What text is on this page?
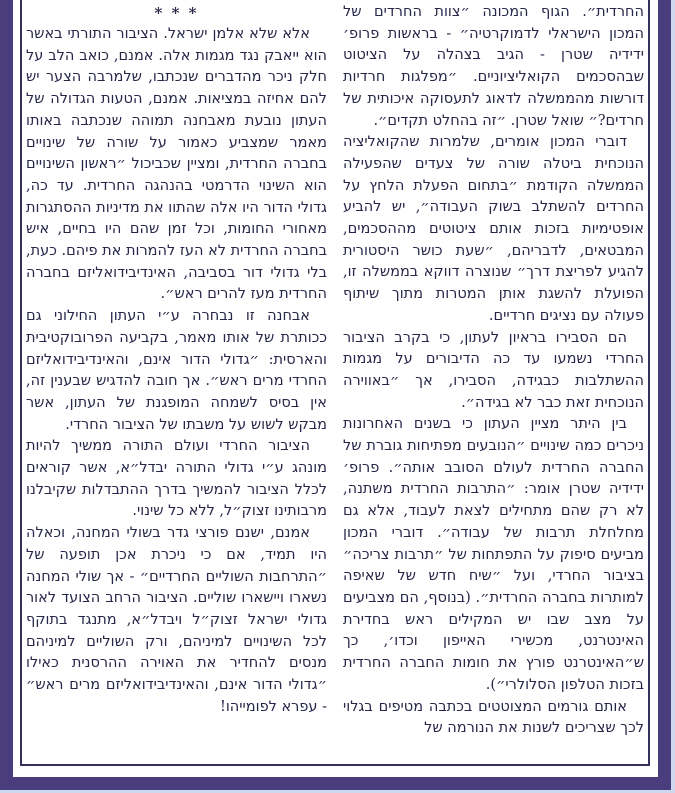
החרדית״. הגוף המכונה ״צוות החרדים של המכון הישראלי לדמוקרטיה״ - בראשות פרופ׳ ידידיה שטרן - הגיב בצהלה על הציטוט שבהסכמים הקואליציוניים. ״מפלגות חרדיות דורשות מהממשלה לדאוג לתעסוקה איכותית של חרדים?״ שואל שטרן. ״זה בהחלט תקדים״.

דוברי המכון אומרים, שלמרות שהקואליציה הנוכחית ביטלה שורה של צעדים שהפעילה הממשלה הקודמת ״בתחום הפעלת הלחץ על החרדים להשתלב בשוק העבודה״, יש להביע אופטימיות בזכות אותם ציטוטים מההסכמים, המבטאים, לדבריהם, ״שעת כושר היסטורית להגיע לפריצת דרך״ שנוצרה דווקא בממשלה זו, הפועלת להשגת אותן המטרות מתוך שיתוף פעולה עם נציגים חרדיים.

הם הסבירו בראיון לעתון, כי בקרב הציבור החרדי נשמעו עד כה הדיבורים על מגמות ההשתלבות כבגידה, הסבירו, אך ״באווירה הנוכחית זאת כבר לא בגידה״.

בין היתר מציין העתון כי בשנים האחרונות ניכרים כמה שינויים ״הנובעים מפתיחות גוברת של החברה החרדית לעולם הסובב אותה״. פרופ׳ ידידיה שטרן אומר: ״התרבות החרדית משתנה, לא רק שהם מתחילים לצאת לעבוד, אלא גם מחלחלת תרבות של עבודה״. דוברי המכון מביעים סיפוק על התפתחות של ״תרבות צריכה״ בציבור החרדי, ועל ״שיח חדש של שאיפה למותרות בחברה החרדית״. (בנוסף, הם מצביעים על מצב שבו יש המקילים ראש בחדירת האינטרנט, מכשירי האייפון וכדו׳, כך ש״האינטרנט פורץ את חומות החברה החרדית בזכות הטלפון הסלולרי״).

אותם גורמים המצוטטים בכתבה מטיפים בגלוי לכך שצריכים לשנות את הנורמה של

* * *

אלא שלא אלמן ישראל. הציבור התורתי באשר הוא ייאבק נגד מגמות אלה. אמנם, כואב הלב על חלק ניכר מהדברים שנכתבו, שלמרבה הצער יש להם אחיזה במציאות. אמנם, הטעות הגדולה של העתון נובעת מאבחנה תמוהה שנכתבה באותו מאמר שמצביע כאמור על שורה של שינויים בחברה החרדית, ומציין שכביכול ״ראשון השינויים הוא השינוי הדרמטי בהנהגה החרדית. עד כה, גדולי הדור היו אלה שהתוו את מדיניות ההסתגרות מאחורי החומות, וכל זמן שהם היו בחיים, איש בחברה החרדית לא העז להמרות את פיהם. כעת, בלי גדולי דור בסביבה, האינדיבידואליזם בחברה החרדית מעז להרים ראש״.

אבחנה זו נבחרה ע״י העתון החילוני גם ככותרת של אותו מאמר, בקביעה הפרובוקטיבית והארסית: ״גדולי הדור אינם, והאינדיבידואליזם החרדי מרים ראש״. אך חובה להדגיש שבענין זה, אין בסיס לשמחה המופגנת של העתון, אשר מבקש לשוש על משבתו של הציבור החרדי.

הציבור החרדי ועולם התורה ממשיך להיות מונהג ע״י גדולי התורה יבדל״א, אשר קוראים לכלל הציבור להמשיך בדרך ההתבדלות שקיבלנו מרבותינו זצוק״ל, ללא כל שינוי.

אמנם, ישנם פורצי גדר בשולי המחנה, וכאלה היו תמיד, אם כי ניכרת אכן תופעה של ״התרחבות השוליים החרדיים״ - אך שולי המחנה נשארו ויישארו שוליים. הציבור הרחב הצועד לאור גדולי ישראל זצוק״ל ויבדל״א, מתנגד בתוקף לכל השינויים למיניהם, ורק השוליים למיניהם מנסים להחדיר את האוירה ההרסנית כאילו ״גדולי הדור אינם, והאינדיבידואליזם מרים ראש״ - עפרא לפומייהו!
